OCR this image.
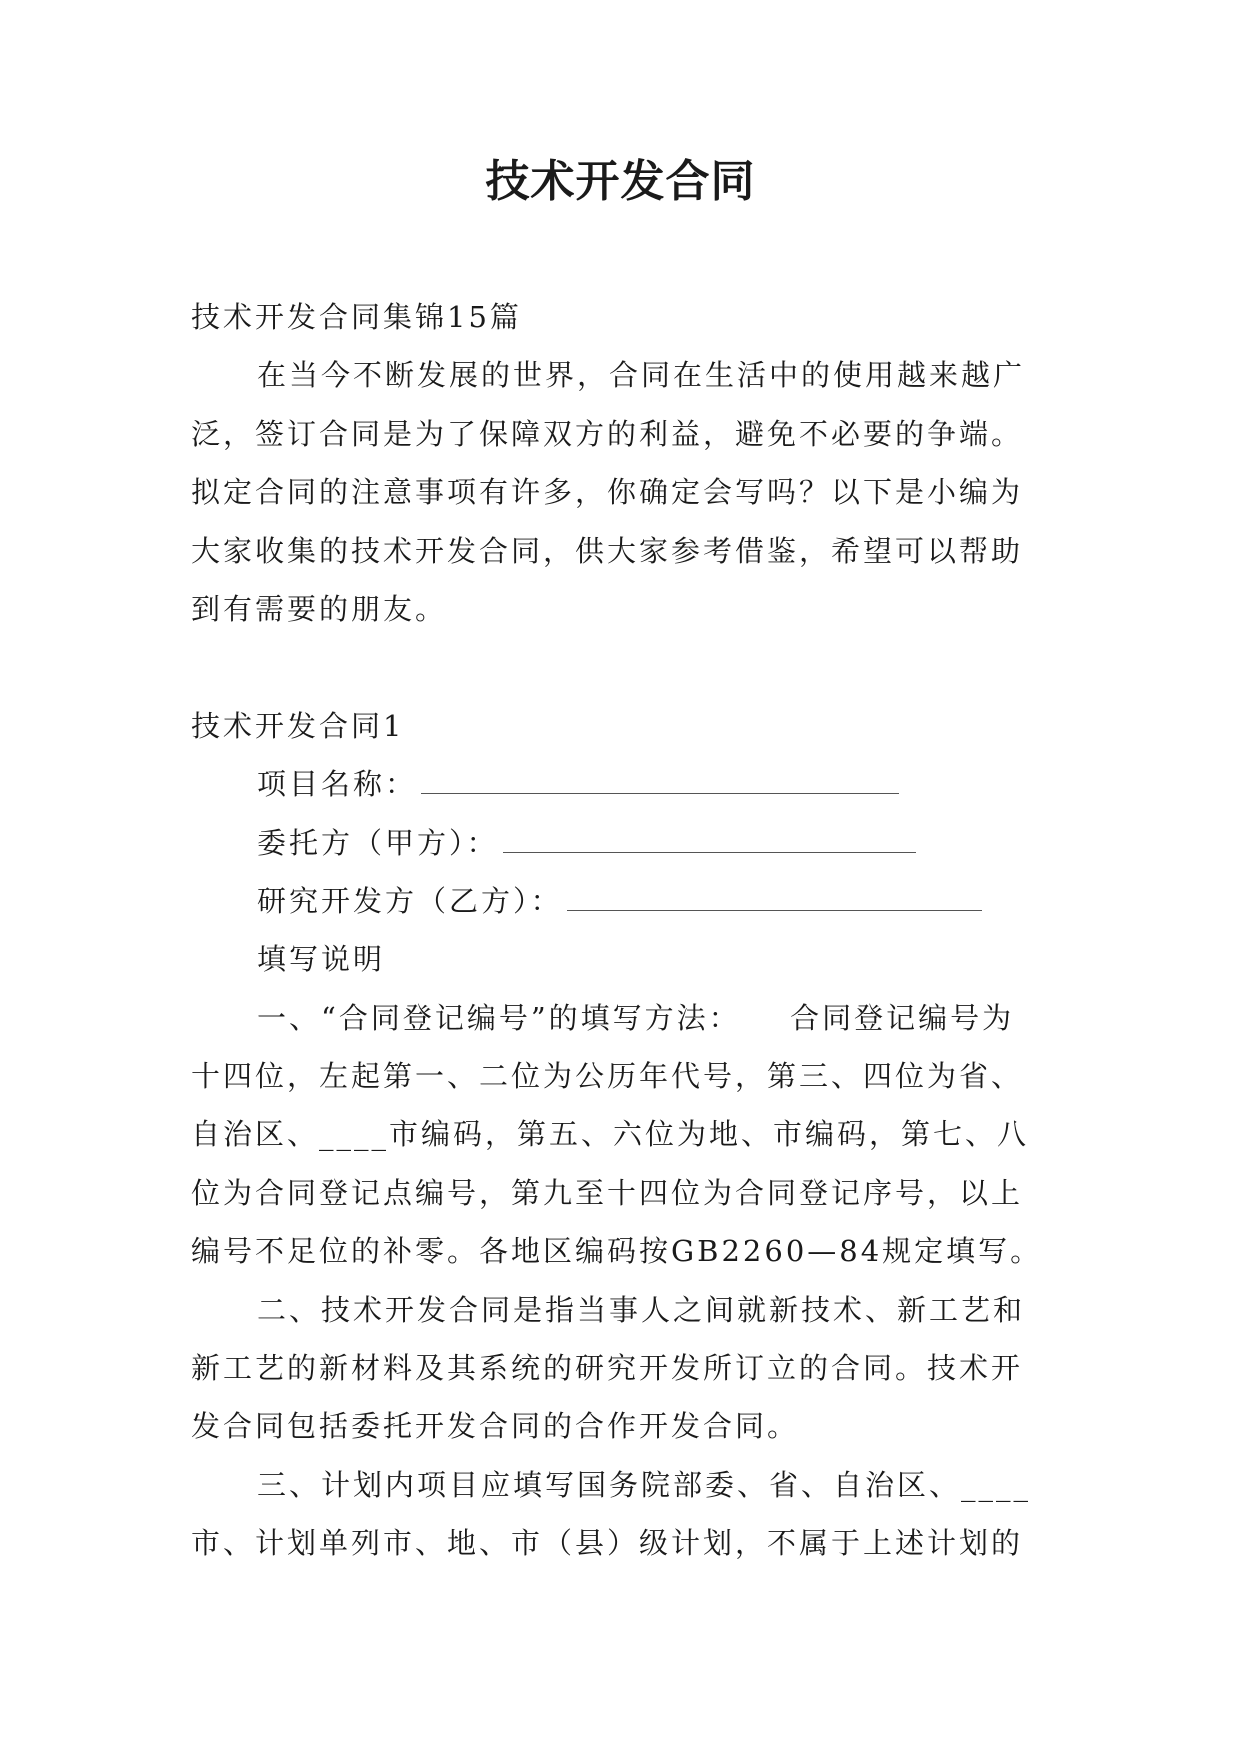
技术开发合同
技术开发合同集锦15篇
在当今不断发展的世界，合同在生活中的使用越来越广
泛，签订合同是为了保障双方的利益，避免不必要的争端。
拟定合同的注意事项有许多，你确定会写吗？以下是小编为
大家收集的技术开发合同，供大家参考借鉴，希望可以帮助
到有需要的朋友。
技术开发合同1
项目名称：
委托方（甲方）：
研究开发方（乙方）：
填写说明
一、“合同登记编号”的填写方法：　　合同登记编号为
十四位，左起第一、二位为公历年代号，第三、四位为省、
自治区、____市编码，第五、六位为地、市编码，第七、八
位为合同登记点编号，第九至十四位为合同登记序号，以上
编号不足位的补零。各地区编码按GB2260—84规定填写。
二、技术开发合同是指当事人之间就新技术、新工艺和
新工艺的新材料及其系统的研究开发所订立的合同。技术开
发合同包括委托开发合同的合作开发合同。
三、计划内项目应填写国务院部委、省、自治区、____
市、计划单列市、地、市（县）级计划，不属于上述计划的
